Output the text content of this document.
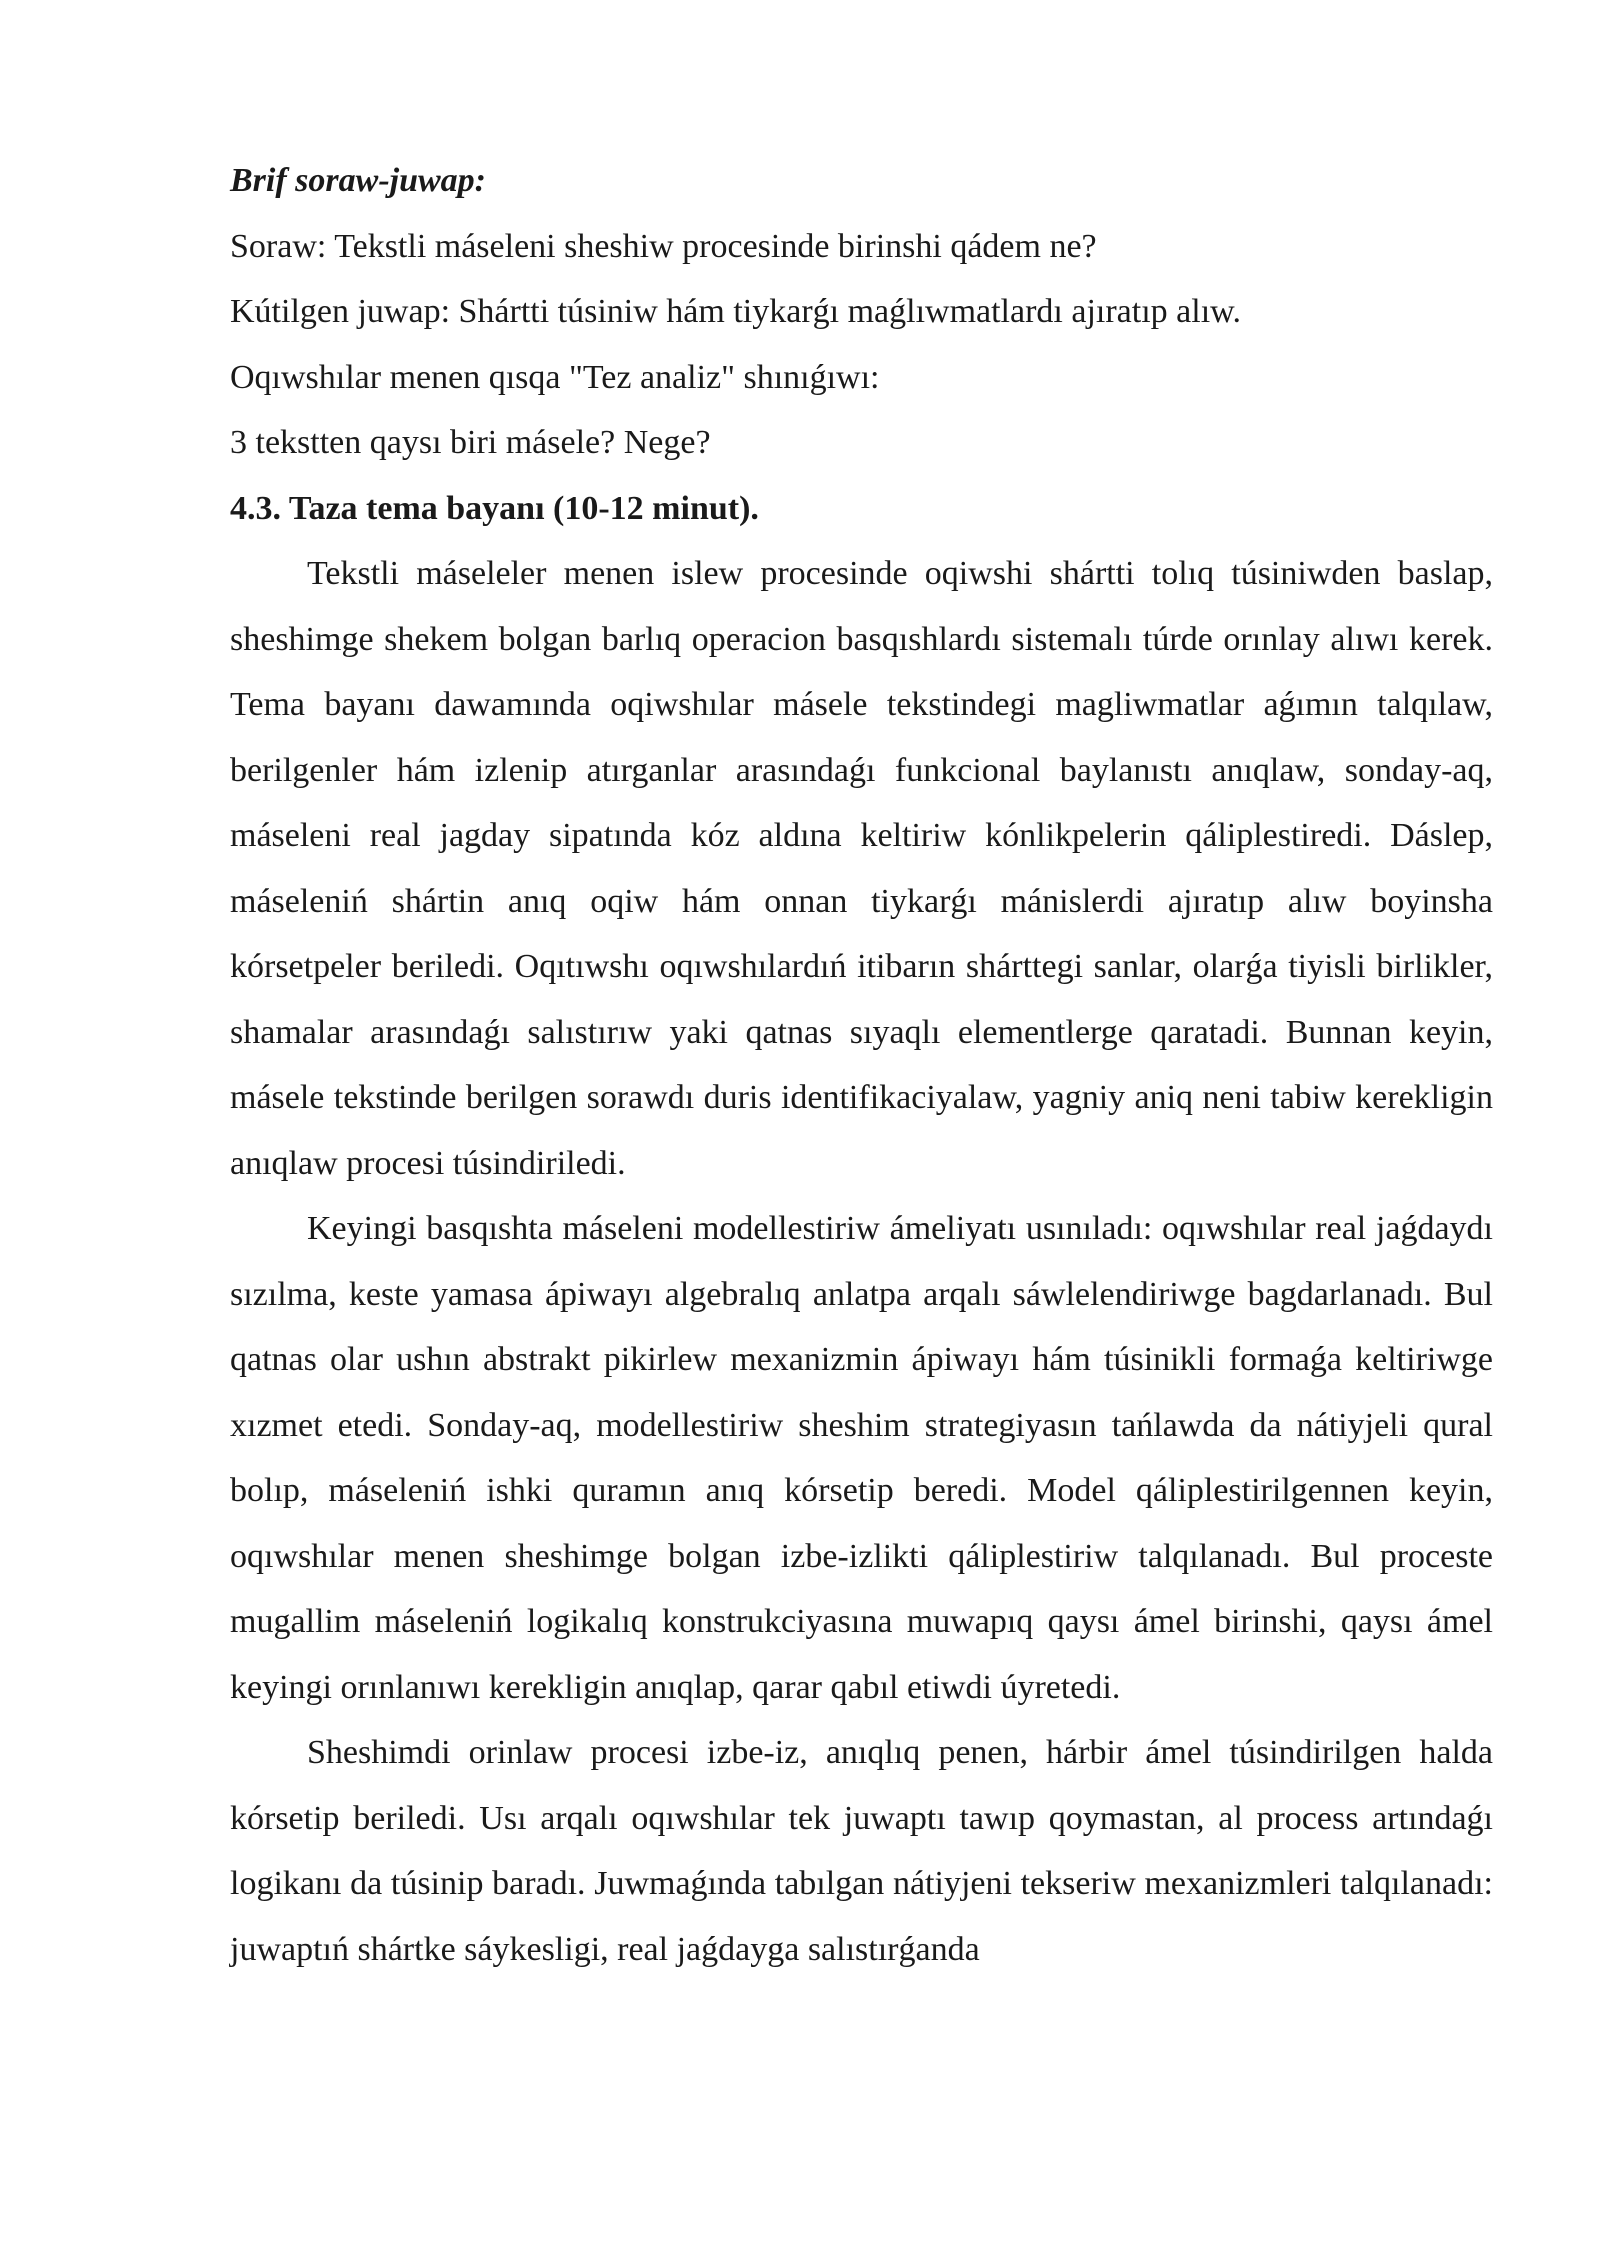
Brif soraw-juwap:

Soraw: Tekstli máseleni sheshiw procesinde birinshi qádem ne?

Kútilgen juwap: Shártti túsiniw hám tiykarǵı maǵlıwmatlardı ajıratıp alıw.

Oqıwshılar menen qısqa "Tez analiz" shınıǵıwı:

3 tekstten qaysı biri másele? Nege?

4.3. Taza tema bayanı (10-12 minut).

Tekstli máseleler menen islew procesinde oqiwshi shártti tolıq túsiniwden baslap, sheshimge shekem bolgan barlıq operacion basqıshlardı sistemalı túrde orınlay alıwı kerek. Tema bayanı dawamında oqiwshılar másele tekstindegi magliwmatlar aǵımın talqılaw, berilgenler hám izlenip atırganlar arasındaǵı funkcional baylanıstı anıqlaw, sonday-aq, máseleni real jagday sipatında kóz aldına keltiriw kónlikpelerin qáliplestiredi. Dáslep, máseleniń shártin anıq oqiw hám onnan tiykarǵı mánislerdi ajıratıp alıw boyinsha kórsetpeler beriledi. Oqıtıwshı oqıwshılardıń itibarın shárttegi sanlar, olarǵa tiyisli birlikler, shamalar arasındaǵı salıstırıw yaki qatnas sıyaqlı elementlerge qaratadi. Bunnan keyin, másele tekstinde berilgen sorawdı duris identifikaciyalaw, yagniy aniq neni tabiw kerekligin anıqlaw procesi túsindiriledi.

Keyingi basqıshta máseleni modellestiriw ámeliyatı usınıladı: oqıwshılar real jaǵdaydı sızılma, keste yamasa ápiwayı algebralıq anlatpa arqalı sáwlelendiriwge bagdarlanadı. Bul qatnas olar ushın abstrakt pikirlew mexanizmin ápiwayı hám túsinikli formaǵa keltiriwge xızmet etedi. Sonday-aq, modellestiriw sheshim strategiyasın tańlawda da nátiyjeli qural bolıp, máseleniń ishki quramın anıq kórsetip beredi. Model qáliplestirilgennen keyin, oqıwshılar menen sheshimge bolgan izbe-izlikti qáliplestiriw talqılanadı. Bul proceste mugallim máseleniń logikalıq konstrukciyasına muwapıq qaysı ámel birinshi, qaysı ámel keyingi orınlanıwı kerekligin anıqlap, qarar qabıl etiwdi úyretedi.

Sheshimdi orinlaw procesi izbe-iz, anıqlıq penen, hárbir ámel túsindirilgen halda kórsetip beriledi. Usı arqalı oqıwshılar tek juwaptı tawıp qoymastan, al process artındaǵı logikanı da túsinip baradı. Juwmaǵında tabılgan nátiyjeni tekseriw mexanizmleri talqılanadı: juwaptıń shártke sáykesligi, real jaǵdayga salıstırǵanda
